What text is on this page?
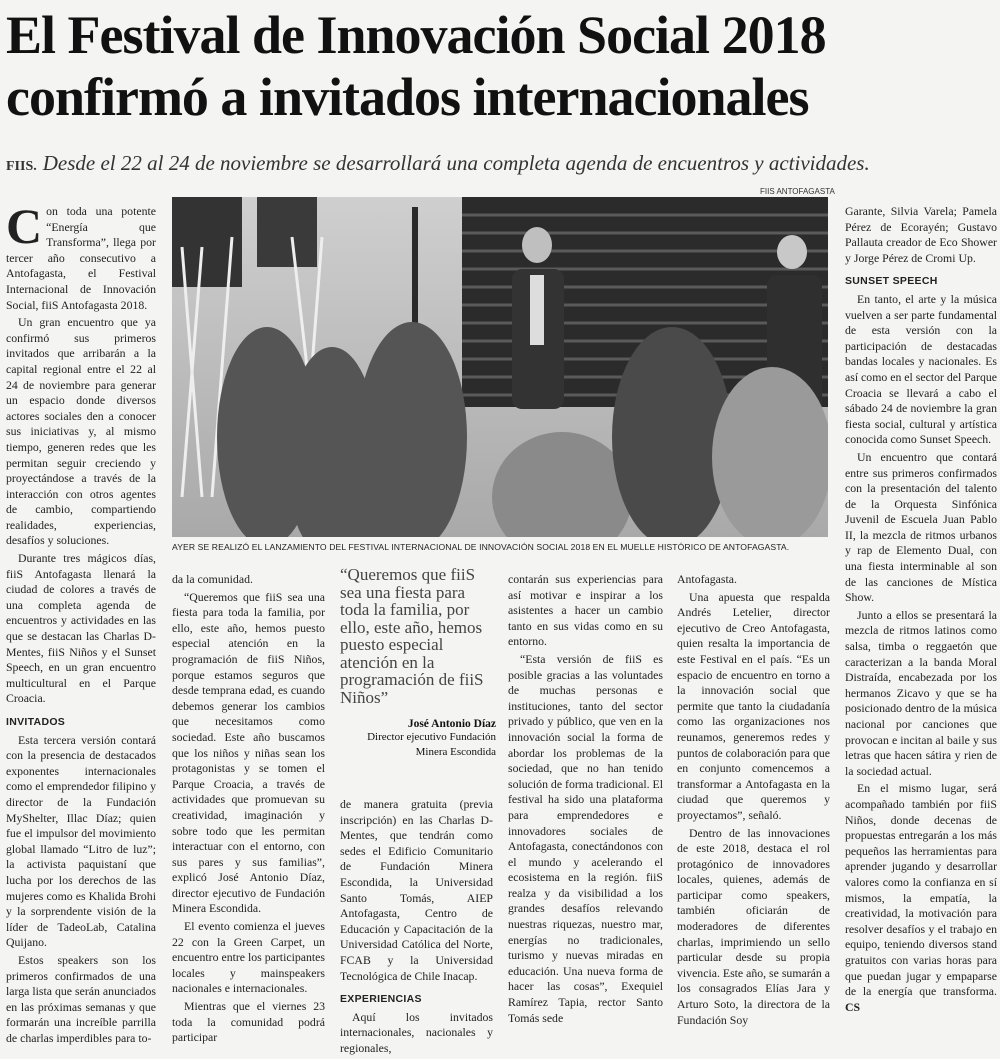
El Festival de Innovación Social 2018 confirmó a invitados internacionales
FIIS. Desde el 22 al 24 de noviembre se desarrollará una completa agenda de encuentros y actividades.

Con toda una potente “Energía que Transforma”, llega por tercer año consecutivo a Antofagasta, el Festival Internacional de Innovación Social, fiiS Antofagasta 2018.

Un gran encuentro que ya confirmó sus primeros invitados que arribarán a la capital regional entre el 22 al 24 de noviembre para generar un espacio donde diversos actores sociales den a conocer sus iniciativas y, al mismo tiempo, generen redes que les permitan seguir creciendo y proyectándose a través de la interacción con otros agentes de cambio, compartiendo realidades, experiencias, desafíos y soluciones.

Durante tres mágicos días, fiiS Antofagasta llenará la ciudad de colores a través de una completa agenda de encuentros y actividades en las que se destacan las Charlas D-Mentes, fiiS Niños y el Sunset Speech, en un gran encuentro multicultural en el Parque Croacia.

INVITADOS

Esta tercera versión contará con la presencia de destacados exponentes internacionales como el emprendedor filipino y director de la Fundación MyShelter, Illac Díaz; quien fue el impulsor del movimiento global llamado “Litro de luz”; la activista paquistaní que lucha por los derechos de las mujeres como es Khalida Brohi y la sorprendente visión de la líder de TadeoLab, Catalina Quijano.

Estos speakers son los primeros confirmados de una larga lista que serán anunciados en las próximas semanas y que formarán una increíble parrilla de charlas imperdibles para to-

FIIS ANTOFAGASTA
AYER SE REALIZÓ EL LANZAMIENTO DEL FESTIVAL INTERNACIONAL DE INNOVACIÓN SOCIAL 2018 EN EL MUELLE HISTÓRICO DE ANTOFAGASTA.

da la comunidad.

“Queremos que fiiS sea una fiesta para toda la familia, por ello, este año, hemos puesto especial atención en la programación de fiiS Niños, porque estamos seguros que desde temprana edad, es cuando debemos generar los cambios que necesitamos como sociedad. Este año buscamos que los niños y niñas sean los protagonistas y se tomen el Parque Croacia, a través de actividades que promuevan su creatividad, imaginación y sobre todo que les permitan interactuar con el entorno, con sus pares y sus familias”, explicó José Antonio Díaz, director ejecutivo de Fundación Minera Escondida.

El evento comienza el jueves 22 con la Green Carpet, un encuentro entre los participantes locales y mainspeakers nacionales e internacionales.

Mientras que el viernes 23 toda la comunidad podrá participar

“Queremos que fiiS sea una fiesta para toda la familia, por ello, este año, hemos puesto especial atención en la programación de fiiS Niños”
José Antonio Díaz
Director ejecutivo Fundación Minera Escondida

de manera gratuita (previa inscripción) en las Charlas D-Mentes, que tendrán como sedes el Edificio Comunitario de Fundación Minera Escondida, la Universidad Santo Tomás, AIEP Antofagasta, Centro de Educación y Capacitación de la Universidad Católica del Norte, FCAB y la Universidad Tecnológica de Chile Inacap.

EXPERIENCIAS

Aquí los invitados internacionales, nacionales y regionales,

contarán sus experiencias para así motivar e inspirar a los asistentes a hacer un cambio tanto en sus vidas como en su entorno.

“Esta versión de fiiS es posible gracias a las voluntades de muchas personas e instituciones, tanto del sector privado y público, que ven en la innovación social la forma de abordar los problemas de la sociedad, que no han tenido solución de forma tradicional. El festival ha sido una plataforma para emprendedores e innovadores sociales de Antofagasta, conectándonos con el mundo y acelerando el ecosistema en la región. fiiS realza y da visibilidad a los grandes desafíos relevando nuestras riquezas, nuestro mar, energías no tradicionales, turismo y nuevas miradas en educación. Una nueva forma de hacer las cosas”, Exequiel Ramírez Tapia, rector Santo Tomás sede

Antofagasta.

Una apuesta que respalda Andrés Letelier, director ejecutivo de Creo Antofagasta, quien resalta la importancia de este Festival en el país. “Es un espacio de encuentro en torno a la innovación social que permite que tanto la ciudadanía como las organizaciones nos reunamos, generemos redes y puntos de colaboración para que en conjunto comencemos a transformar a Antofagasta en la ciudad que queremos y proyectamos”, señaló.

Dentro de las innovaciones de este 2018, destaca el rol protagónico de innovadores locales, quienes, además de participar como speakers, también oficiarán de moderadores de diferentes charlas, imprimiendo un sello particular desde su propia vivencia. Este año, se sumarán a los consagrados Elías Jara y Arturo Soto, la directora de la Fundación Soy

Garante, Silvia Varela; Pamela Pérez de Ecorayén; Gustavo Pallauta creador de Eco Shower y Jorge Pérez de Cromi Up.

SUNSET SPEECH

En tanto, el arte y la música vuelven a ser parte fundamental de esta versión con la participación de destacadas bandas locales y nacionales. Es así como en el sector del Parque Croacia se llevará a cabo el sábado 24 de noviembre la gran fiesta social, cultural y artística conocida como Sunset Speech.

Un encuentro que contará entre sus primeros confirmados con la presentación del talento de la Orquesta Sinfónica Juvenil de Escuela Juan Pablo II, la mezcla de ritmos urbanos y rap de Elemento Dual, con una fiesta interminable al son de las canciones de Mística Show.

Junto a ellos se presentará la mezcla de ritmos latinos como salsa, timba o reggaetón que caracterizan a la banda Moral Distraída, encabezada por los hermanos Zicavo y que se ha posicionado dentro de la música nacional por canciones que provocan e incitan al baile y sus letras que hacen sátira y rien de la sociedad actual.

En el mismo lugar, será acompañado también por fiiS Niños, donde decenas de propuestas entregarán a los más pequeños las herramientas para aprender jugando y desarrollar valores como la confianza en sí mismos, la empatía, la creatividad, la motivación para resolver desafíos y el trabajo en equipo, teniendo diversos stand gratuitos con varias horas para que puedan jugar y empaparse de la energía que transforma. CS
